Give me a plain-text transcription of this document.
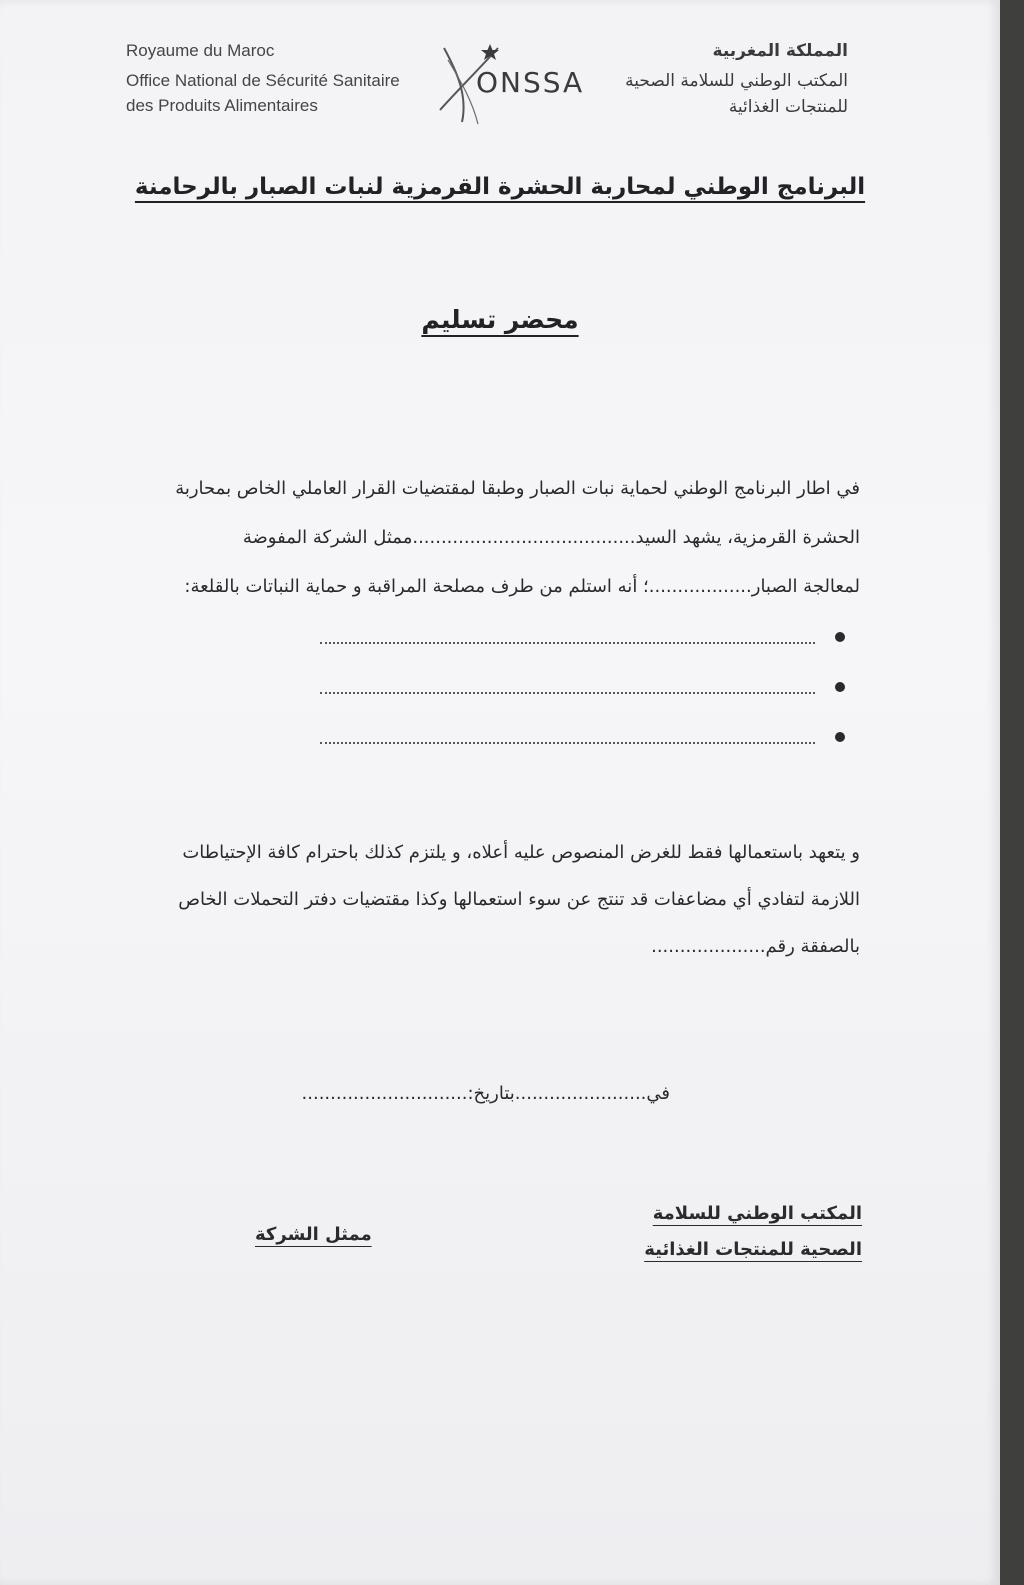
Royaume du Maroc
Office National de Sécurité Sanitaire
des Produits Alimentaires
ONSSA
المملكة المغربية
المكتب الوطني للسلامة الصحية
للمنتجات الغذائية
البرنامج الوطني لمحاربة الحشرة القرمزية لنبات الصبار بالرحامنة
محضر تسليم

في اطار البرنامج الوطني لحماية نبات الصبار وطبقا لمقتضيات القرار العاملي الخاص بمحاربة

الحشرة القرمزية، يشهد السيد.......................................ممثل الشركة المفوضة

لمعالجة الصبار..................؛ أنه استلم من طرف مصلحة المراقبة و حماية النباتات بالقلعة:

و يتعهد باستعمالها فقط للغرض المنصوص عليه أعلاه، و يلتزم كذلك باحترام كافة الإحتياطات

اللازمة لتفادي أي مضاعفات قد تنتج عن سوء استعمالها وكذا مقتضيات دفتر التحملات الخاص

بالصفقة رقم....................

في.......................بتاريخ:.............................
المكتب الوطني للسلامة
الصحية للمنتجات الغذائية
ممثل الشركة
